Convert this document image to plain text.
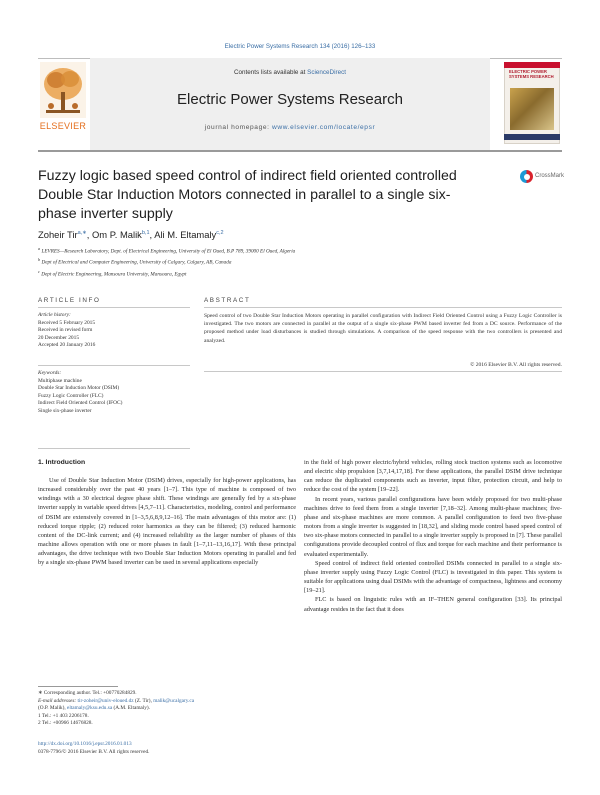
Electric Power Systems Research 134 (2016) 126–133
ELSEVIER
Contents lists available at ScienceDirect
Electric Power Systems Research
journal homepage: www.elsevier.com/locate/epsr
ELECTRIC POWER SYSTEMS RESEARCH
Fuzzy logic based speed control of indirect field oriented controlled Double Star Induction Motors connected in parallel to a single six-phase inverter supply
CrossMark
Zoheir Tir$^{a,∗}$, Om P. Malik$^{b,1}$, Ali M. Eltamaly$^{c,2}$
$^a$ LEVRES—Research Laboratory, Dept. of Electrical Engineering, University of El Oued, B.P 789, 39000 El Oued, Algeria
$^b$ Dept of Electrical and Computer Engineering, University of Calgary, Calgary, AB, Canada
$^c$ Dept of Electric Engineering, Mansoura University, Mansoura, Egypt
ARTICLE INFO	ABSTRACT
Article history:
Received 5 February 2015
Received in revised form
20 December 2015
Accepted 20 January 2016
Keywords:
Multiphase machine
Double Star Induction Motor (DSIM)
Fuzzy Logic Controller (FLC)
Indirect Field Oriented Control (IFOC)
Single six-phase inverter
Speed control of two Double Star Induction Motors operating in parallel configuration with Indirect Field Oriented Control using a Fuzzy Logic Controller is investigated. The two motors are connected in parallel at the output of a single six-phase PWM based inverter fed from a DC source. Performance of the proposed method under load disturbances is studied through simulations. A comparison of the speed response with the two controllers is presented and analyzed.
© 2016 Elsevier B.V. All rights reserved.
1. Introduction

Use of Double Star Induction Motor (DSIM) drives, especially for high-power applications, has increased considerably over the past 40 years [1–7]. This type of machine is composed of two windings with a 30 electrical degree phase shift. These windings are generally fed by a six-phase inverter supply in variable speed drives [4,5,7–11]. Characteristics, modeling, control and performance of DSIM are extensively covered in [1–3,5,6,8,9,12–16]. The main advantages of this motor are: (1) reduced torque ripple; (2) reduced rotor harmonics as they can be filtered; (3) reduced harmonic content of the DC-link current; and (4) increased reliability as the larger number of phases of this machine allows operation with one or more phases in fault [1–7,11–13,16,17]. With these principal advantages, the drive technique with two Double Star Induction Motors operating in parallel and fed by a single six-phase PWM based inverter can be used in several applications especially

in the field of high power electric/hybrid vehicles, rolling stock traction systems such as locomotive and electric ship propulsion [3,7,14,17,18]. For these applications, the parallel DSIM drive technique can reduce the duplicated components such as inverter, input filter, protection circuit, and help to reduce the cost of the system [19–22].

In recent years, various parallel configurations have been widely proposed for two multi-phase machines drive to feed them from a single inverter [7,18–32]. Among multi-phase machines; five-phase and six-phase machines are more common. A parallel configuration to feed two five-phase motors from a single inverter is suggested in [18,32], and sliding mode control based speed control of two six-phase motors connected in parallel to a single inverter supply is proposed in [7]. These parallel configurations provide decoupled control of flux and torque for each machine and their performance is evaluated experimentally.

Speed control of indirect field oriented controlled DSIMs connected in parallel to a single six-phase inverter supply using Fuzzy Logic Control (FLC) is investigated in this paper. This system is suitable for applications using dual DSIMs with the advantage of compactness, lightness and economy [19–21].

FLC is based on linguistic rules with an IF–THEN general configuration [33]. Its principal advantage resides in the fact that it does

∗ Corresponding author. Tel.: +00770284829.
E-mail addresses: tir-zoheir@univ-eloued.dz (Z. Tir), malik@ucalgary.ca
(O.P. Malik), eltamaly@ksu.edu.sa (A.M. Eltamaly).
1 Tel.: +1 403 2206178.
2 Tel.: +00966 14676828.
http://dx.doi.org/10.1016/j.epsr.2016.01.013
0378-7796/© 2016 Elsevier B.V. All rights reserved.
